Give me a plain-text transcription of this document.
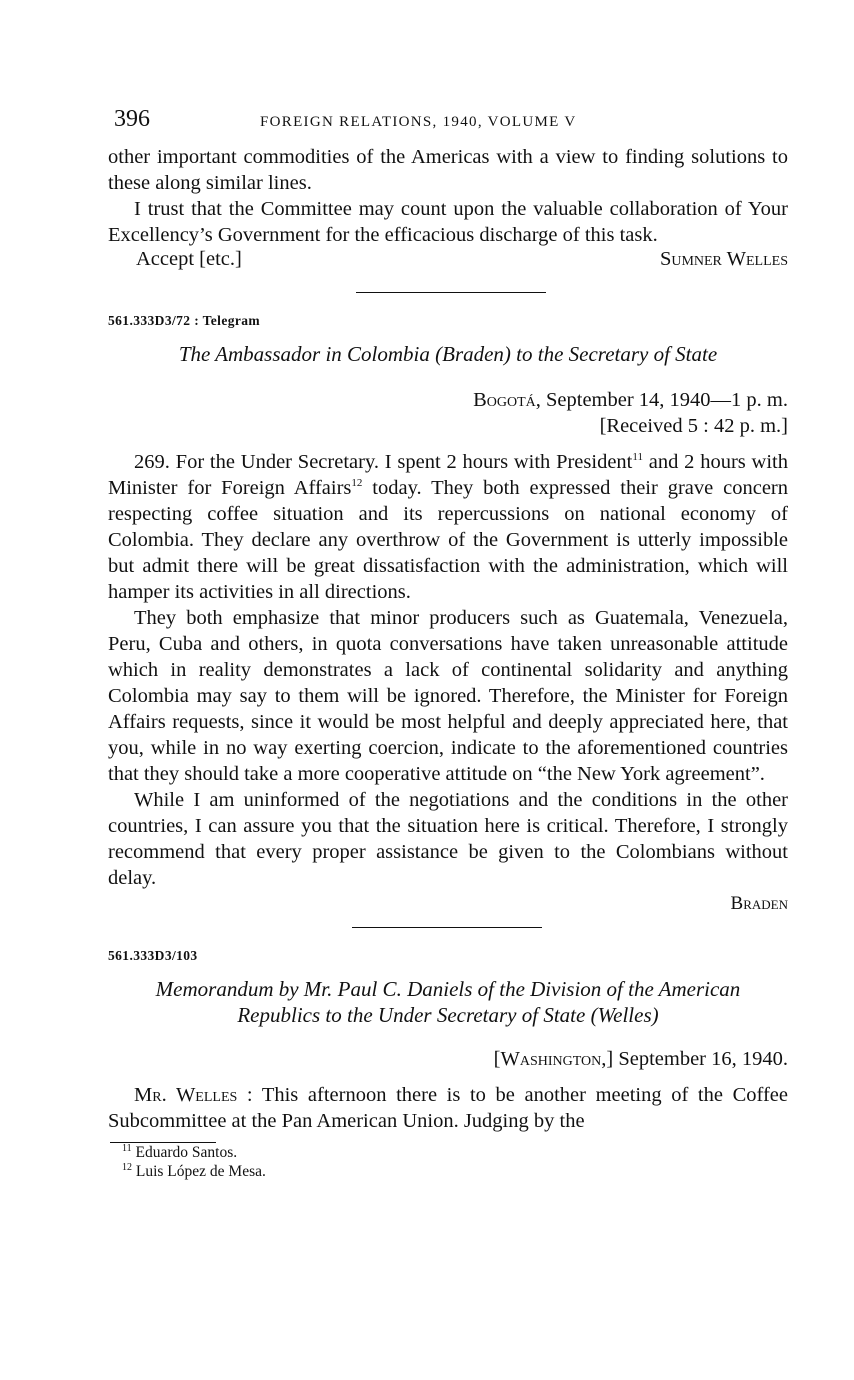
396	FOREIGN RELATIONS, 1940, VOLUME V

other important commodities of the Americas with a view to finding solutions to these along similar lines.

I trust that the Committee may count upon the valuable collaboration of Your Excellency’s Government for the efficacious discharge of this task.

Accept [etc.]	Sumner Welles
561.333D3/72 : Telegram
The Ambassador in Colombia (Braden) to the Secretary of State
Bogotá, September 14, 1940—1 p. m.
[Received 5 : 42 p. m.]

269. For the Under Secretary. I spent 2 hours with President$^{11}$ and 2 hours with Minister for Foreign Affairs$^{12}$ today. They both expressed their grave concern respecting coffee situation and its repercussions on national economy of Colombia. They declare any overthrow of the Government is utterly impossible but admit there will be great dissatisfaction with the administration, which will hamper its activities in all directions.

They both emphasize that minor producers such as Guatemala, Venezuela, Peru, Cuba and others, in quota conversations have taken unreasonable attitude which in reality demonstrates a lack of continental solidarity and anything Colombia may say to them will be ignored. Therefore, the Minister for Foreign Affairs requests, since it would be most helpful and deeply appreciated here, that you, while in no way exerting coercion, indicate to the aforementioned countries that they should take a more cooperative attitude on “the New York agreement”.

While I am uninformed of the negotiations and the conditions in the other countries, I can assure you that the situation here is critical. Therefore, I strongly recommend that every proper assistance be given to the Colombians without delay.

Braden
561.333D3/103
Memorandum by Mr. Paul C. Daniels of the Division of the American
Republics to the Under Secretary of State (Welles)
[Washington,] September 16, 1940.

Mr. Welles : This afternoon there is to be another meeting of the Coffee Subcommittee at the Pan American Union. Judging by the

$^{11}$ Eduardo Santos.
$^{12}$ Luis López de Mesa.
